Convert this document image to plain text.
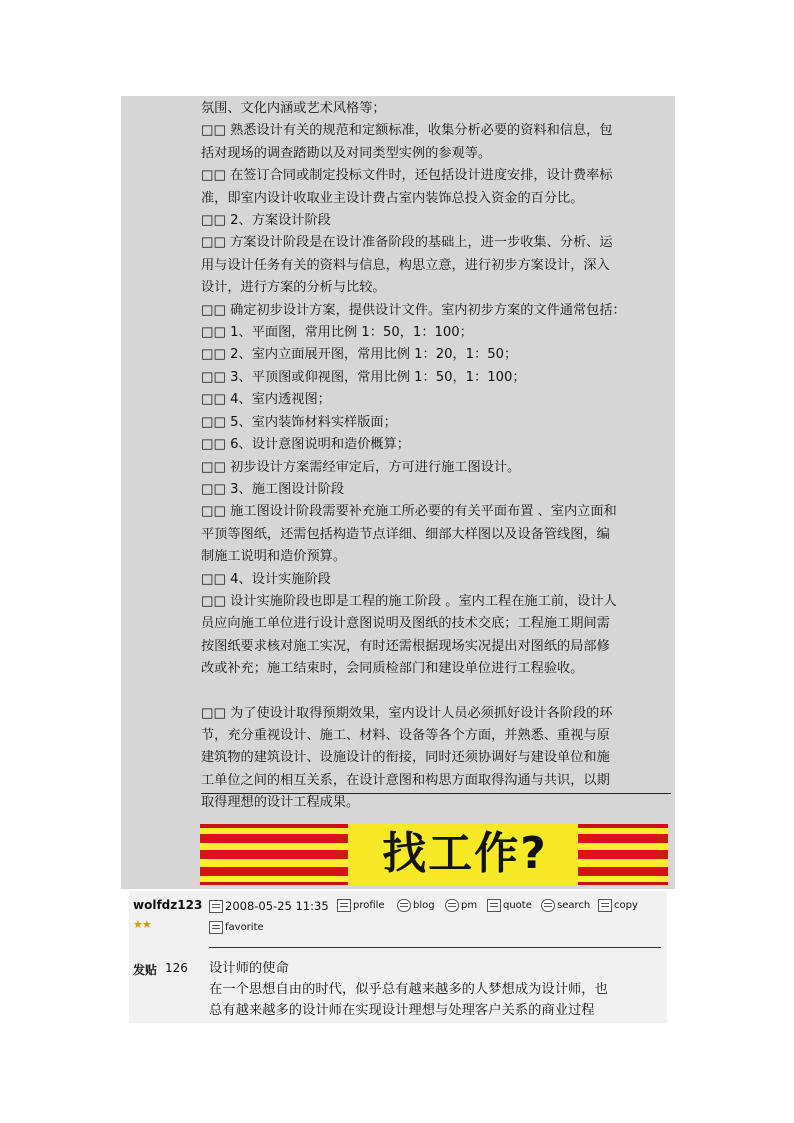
氛围、文化内涵或艺术风格等；

□□ 熟悉设计有关的规范和定额标准，收集分析必要的资料和信息，包

括对现场的调查踏勘以及对同类型实例的参观等。

□□ 在签订合同或制定投标文件时，还包括设计进度安排，设计费率标

准，即室内设计收取业主设计费占室内装饰总投入资金的百分比。

□□ 2、方案设计阶段

□□ 方案设计阶段是在设计准备阶段的基础上，进一步收集、分析、运

用与设计任务有关的资料与信息，构思立意，进行初步方案设计，深入

设计，进行方案的分析与比较。

□□ 确定初步设计方案，提供设计文件。室内初步方案的文件通常包括：

□□ 1、平面图，常用比例 1：50，1：100；

□□ 2、室内立面展开图，常用比例 1：20，1：50；

□□ 3、平顶图或仰视图，常用比例 1：50，1：100；

□□ 4、室内透视图；

□□ 5、室内装饰材料实样版面；

□□ 6、设计意图说明和造价概算；

□□ 初步设计方案需经审定后，方可进行施工图设计。

□□ 3、施工图设计阶段

□□ 施工图设计阶段需要补充施工所必要的有关平面布置 、室内立面和

平顶等图纸，还需包括构造节点详细、细部大样图以及设备管线图，编

制施工说明和造价预算。

□□ 4、设计实施阶段

□□ 设计实施阶段也即是工程的施工阶段 。室内工程在施工前，设计人

员应向施工单位进行设计意图说明及图纸的技术交底；工程施工期间需

按图纸要求核对施工实况，有时还需根据现场实况提出对图纸的局部修

改或补充；施工结束时，会同质检部门和建设单位进行工程验收。

□□ 为了使设计取得预期效果，室内设计人员必须抓好设计各阶段的环

节，充分重视设计、施工、材料、设备等各个方面，并熟悉、重视与原

建筑物的建筑设计、设施设计的衔接，同时还须协调好与建设单位和施

工单位之间的相互关系，在设计意图和构思方面取得沟通与共识，以期

取得理想的设计工程成果。

找工作?
wolfdz123
★★
发贴 126
2008-05-25 11:35 profile	blog	pm	quote	search copy
favorite

设计师的使命

在一个思想自由的时代，似乎总有越来越多的人梦想成为设计师，也

总有越来越多的设计师在实现设计理想与处理客户关系的商业过程
